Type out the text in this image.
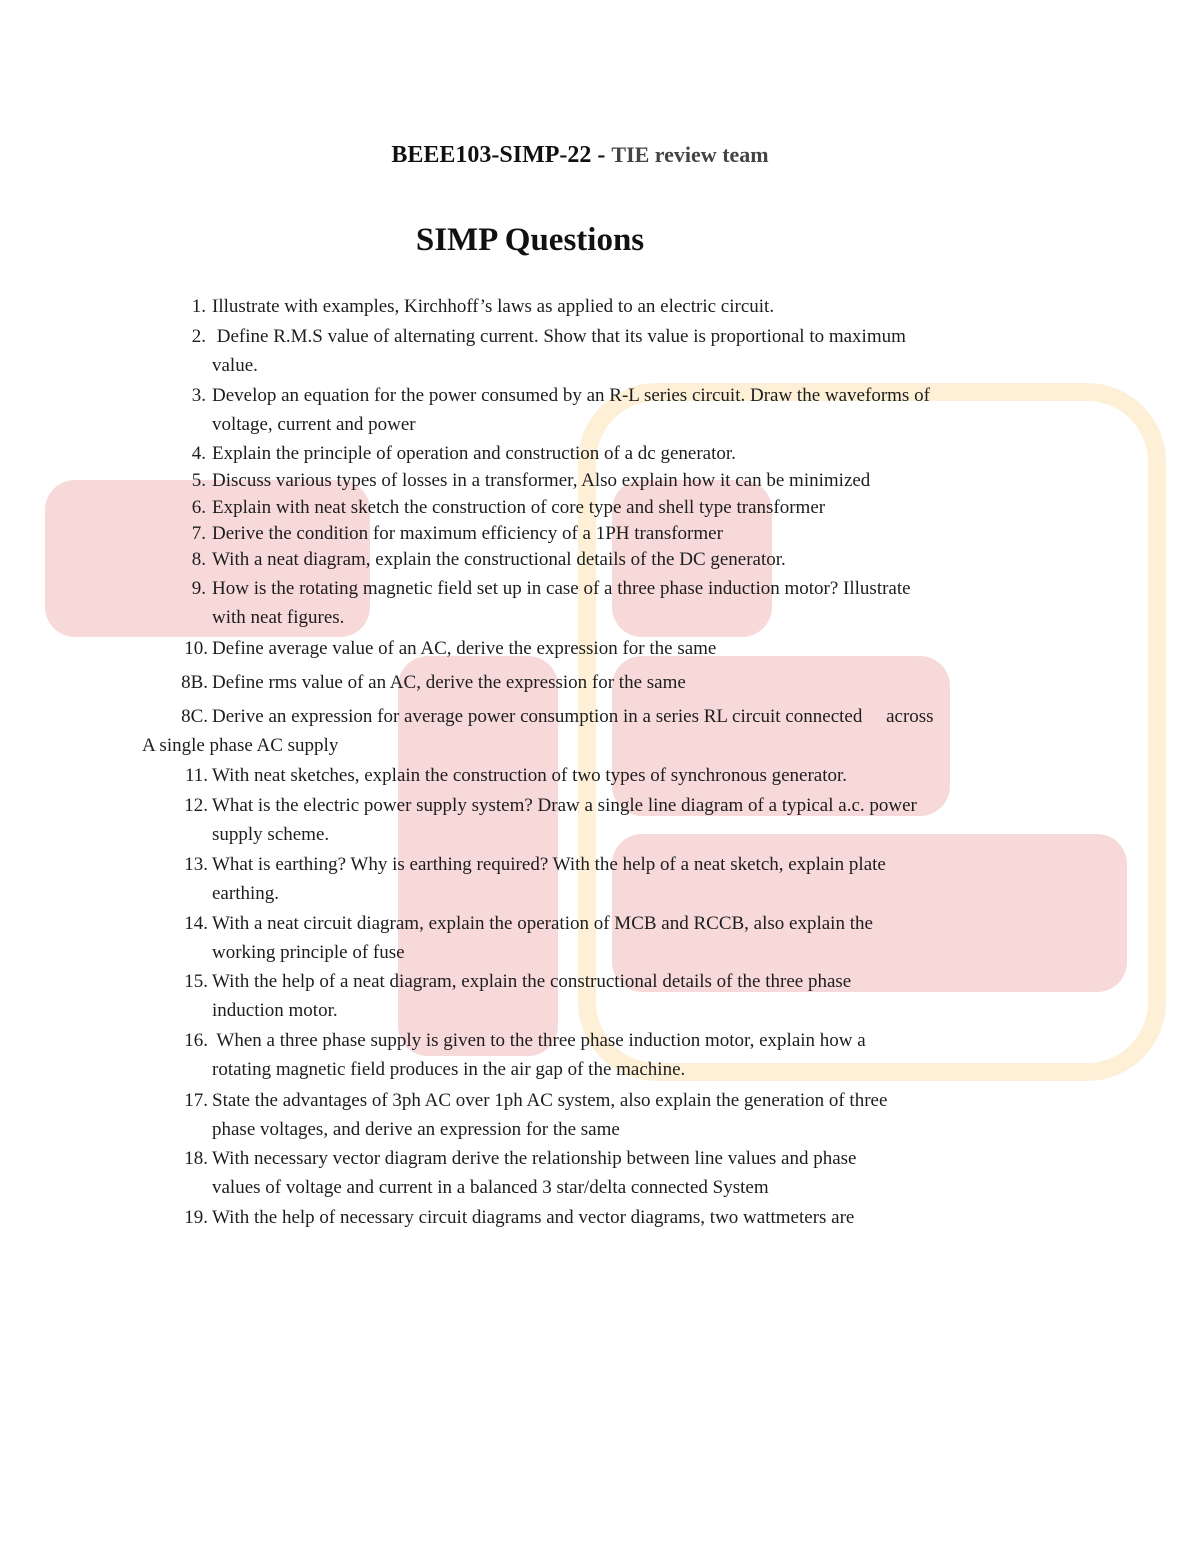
BEEE103-SIMP-22 - TIE review team
SIMP Questions
1. Illustrate with examples, Kirchhoff’s laws as applied to an electric circuit.
2. Define R.M.S value of alternating current. Show that its value is proportional to maximum
value.
3. Develop an equation for the power consumed by an R-L series circuit. Draw the waveforms of
voltage, current and power
4. Explain the principle of operation and construction of a dc generator.
5. Discuss various types of losses in a transformer, Also explain how it can be minimized
6. Explain with neat sketch the construction of core type and shell type transformer
7. Derive the condition for maximum efficiency of a 1PH transformer
8. With a neat diagram, explain the constructional details of the DC generator.
9. How is the rotating magnetic field set up in case of a three phase induction motor? Illustrate
with neat figures.
10. Define average value of an AC, derive the expression for the same
8B. Define rms value of an AC, derive the expression for the same
8C. Derive an expression for average power consumption in a series RL circuit connected     across
A single phase AC supply
11. With neat sketches, explain the construction of two types of synchronous generator.
12. What is the electric power supply system? Draw a single line diagram of a typical a.c. power
supply scheme.
13. What is earthing? Why is earthing required? With the help of a neat sketch, explain plate
earthing.
14. With a neat circuit diagram, explain the operation of MCB and RCCB, also explain the
working principle of fuse
15. With the help of a neat diagram, explain the constructional details of the three phase
induction motor.
16. When a three phase supply is given to the three phase induction motor, explain how a
rotating magnetic field produces in the air gap of the machine.
17. State the advantages of 3ph AC over 1ph AC system, also explain the generation of three
phase voltages, and derive an expression for the same
18. With necessary vector diagram derive the relationship between line values and phase
values of voltage and current in a balanced 3 star/delta connected System
19. With the help of necessary circuit diagrams and vector diagrams, two wattmeters are
